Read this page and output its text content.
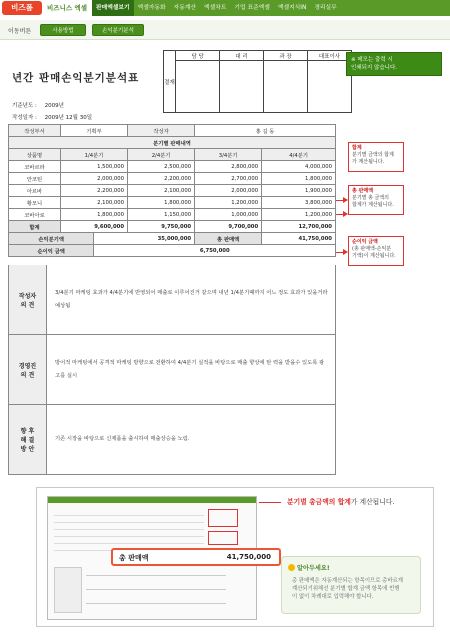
비즈폼	비즈니스 엑셀	판매엑셀보기	엑셀자동화	자동계산	엑셀차트	기업 표준엑셀	엑셀지식IN	경리실무
이동버튼	사용방법	손익분기분석
년간 판매손익분기분석표	결재	담 당	대 리	과 장	대표이사

※ 메모는 출력 시
인쇄되지 않습니다.
기준년도 : 2009년
작성일자 : 2009년 12월 30일
작성부서	기획부		작성자	홍 길 동	
분기별 판매내역					
상품명	1/4분기		2/4분기	3/4분기	4/4분기
코바르라	1,500,000		2,500,000	2,800,000	4,000,000
안코틴	2,000,000		2,200,000	2,700,000	1,800,000
아르바	2,200,000		2,100,000	2,000,000	1,900,000
황모니	2,100,000		1,800,000	1,200,000	3,800,000
코바아로	1,800,000		1,150,000	1,000,000	1,200,000
합계	9,600,000		9,750,000	9,700,000	12,700,000
손익분기액		35,000,000		총 판매액	41,750,000
순이익 금액		6,750,000			
작성자
의 견
3/4분기 마케팅 효과가 4/4분기에 반영되어 매출로 이루어진거 같으며 내년 1/4분기때까지 어느 정도 효과가 있을거라 예상됨
경영진
의 견
방어적 마케팅에서 공격적 마케팅 방향으로 전환하여 4/4분기 실적을 바탕으로 매출 향상에 탄 력을 받을수 있도록 광고를 실시
향 후
해 결
방 안
기존 시장을 바탕으로 신제품을 출시하여 매출상승을 노림.
합계
분기별 금액의 합계
가 계산됩니다.
총 판매액
분기별 총 금액의
합계가 계산됩니다.
순이익 금액
(총 판매액-손익분
기액)이 계산됩니다.
총 판매액	41,750,000
분기별 총금액의 합계가 계산됩니다.
알아두세요!
총 판매액은 자동계산되는 항목이므로 총바르게
계산되기위해선 분기별 합계 금액 항목에 빈행
이 없이 차례대로 입력해야 합니다.
